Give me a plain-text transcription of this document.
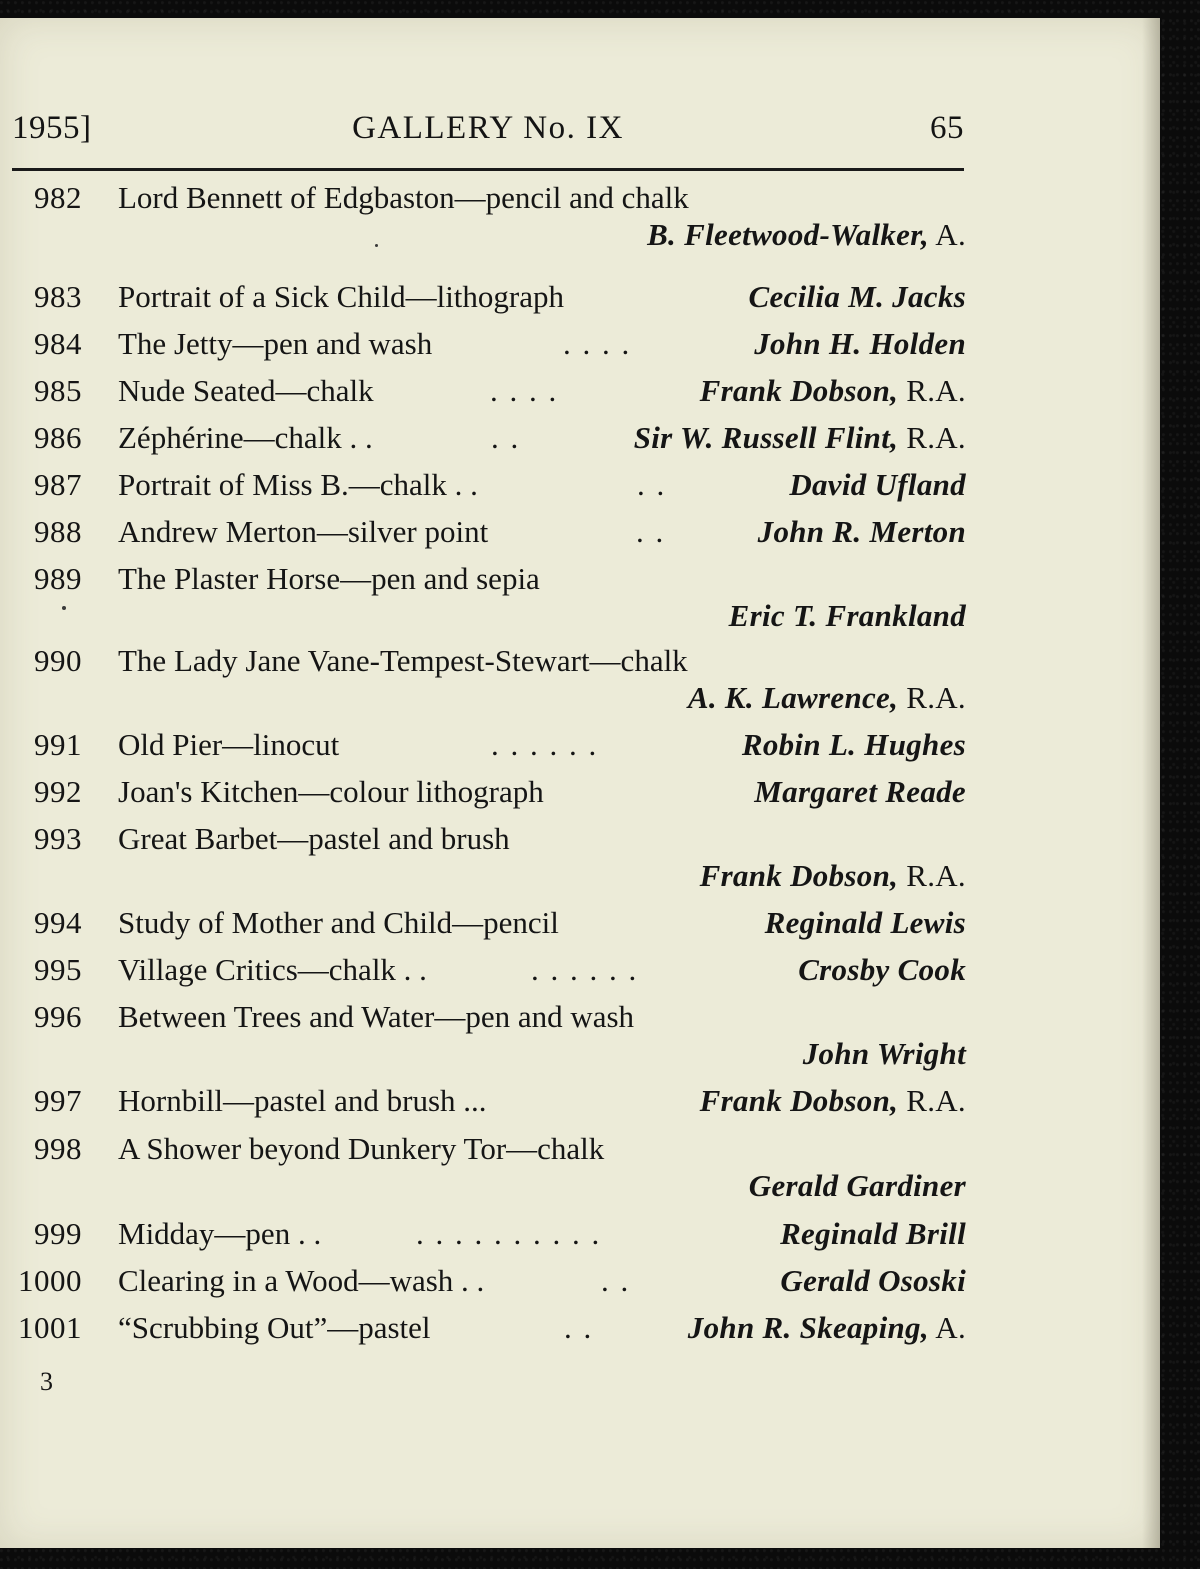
1955]	GALLERY No. IX	65
982 Lord Bennett of Edgbaston—pencil and chalk
B. Fleetwood-Walker, A.
983 Portrait of a Sick Child—lithograph	Cecilia M. Jacks
984 The Jetty—pen and wash	. . . .	John H. Holden
985 Nude Seated—chalk	. . . .	Frank Dobson, R.A.
986 Zéphérine—chalk . .	. .	Sir W. Russell Flint, R.A.
987 Portrait of Miss B.—chalk . .	. .	David Ufland
988 Andrew Merton—silver point	. .	John R. Merton
989 The Plaster Horse—pen and sepia
Eric T. Frankland
990 The Lady Jane Vane-Tempest-Stewart—chalk
A. K. Lawrence, R.A.
991 Old Pier—linocut	. . . . . .	Robin L. Hughes
992 Joan's Kitchen—colour lithograph	Margaret Reade
993 Great Barbet—pastel and brush
Frank Dobson, R.A.
994 Study of Mother and Child—pencil	Reginald Lewis
995 Village Critics—chalk . .	. . . . . .	Crosby Cook
996 Between Trees and Water—pen and wash
John Wright
997 Hornbill—pastel and brush ...	Frank Dobson, R.A.
998 A Shower beyond Dunkery Tor—chalk
Gerald Gardiner
999 Midday—pen . .	. . . . . . . . . .	Reginald Brill
1000 Clearing in a Wood—wash . .	. .	Gerald Ososki
1001 “Scrubbing Out”—pastel	. .	John R. Skeaping, A.
3
